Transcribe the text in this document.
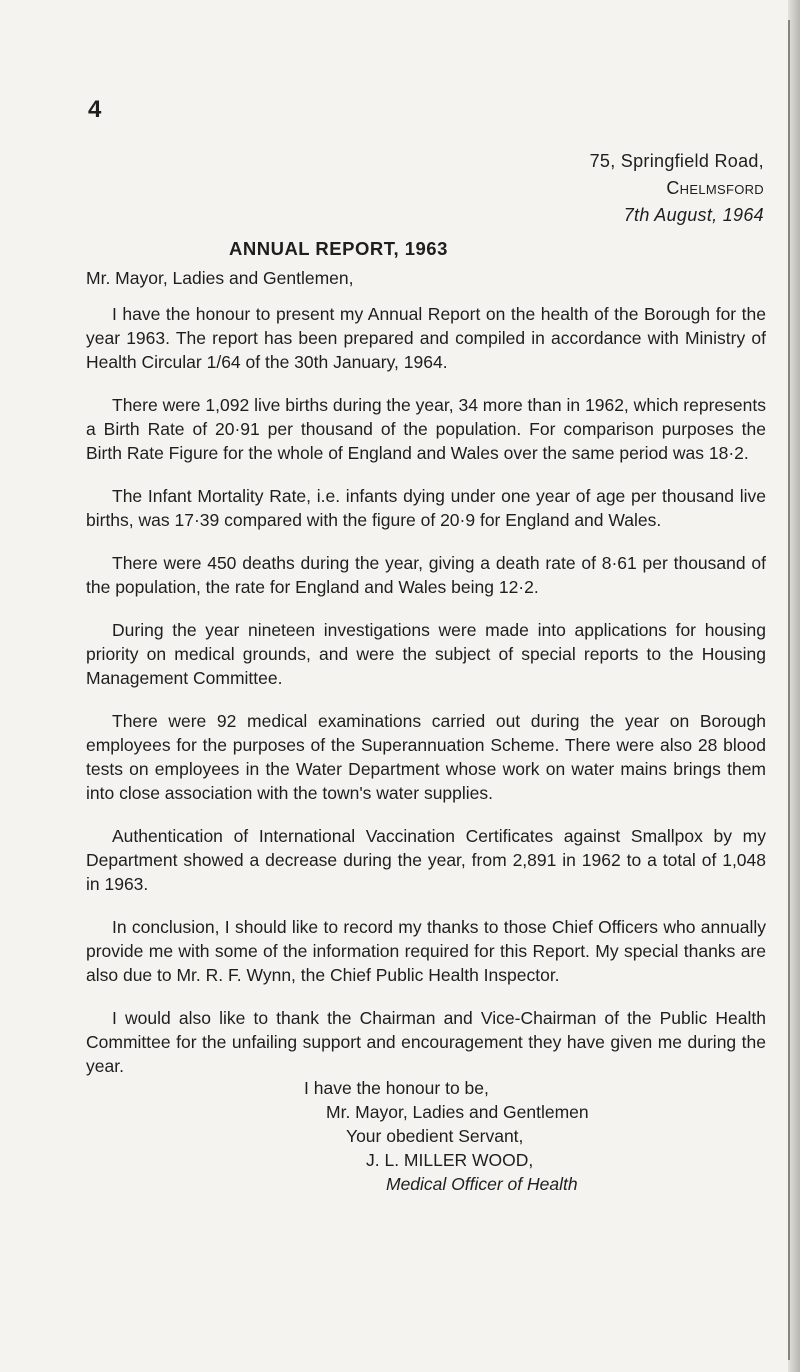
4
75, Springfield Road,
Chelmsford
7th August, 1964
ANNUAL REPORT, 1963

Mr. Mayor, Ladies and Gentlemen,

I have the honour to present my Annual Report on the health of the Borough for the year 1963. The report has been prepared and compiled in accordance with Ministry of Health Circular 1/64 of the 30th January, 1964.

There were 1,092 live births during the year, 34 more than in 1962, which represents a Birth Rate of 20·91 per thousand of the population. For comparison purposes the Birth Rate Figure for the whole of England and Wales over the same period was 18·2.

The Infant Mortality Rate, i.e. infants dying under one year of age per thousand live births, was 17·39 compared with the figure of 20·9 for England and Wales.

There were 450 deaths during the year, giving a death rate of 8·61 per thousand of the population, the rate for England and Wales being 12·2.

During the year nineteen investigations were made into applications for housing priority on medical grounds, and were the subject of special reports to the Housing Management Committee.

There were 92 medical examinations carried out during the year on Borough employees for the purposes of the Superannuation Scheme. There were also 28 blood tests on employees in the Water Department whose work on water mains brings them into close association with the town's water supplies.

Authentication of International Vaccination Certificates against Smallpox by my Department showed a decrease during the year, from 2,891 in 1962 to a total of 1,048 in 1963.

In conclusion, I should like to record my thanks to those Chief Officers who annually provide me with some of the information required for this Report. My special thanks are also due to Mr. R. F. Wynn, the Chief Public Health Inspector.

I would also like to thank the Chairman and Vice-Chairman of the Public Health Committee for the unfailing support and encouragement they have given me during the year.

I have the honour to be,
Mr. Mayor, Ladies and Gentlemen
Your obedient Servant,
J. L. MILLER WOOD,
Medical Officer of Health
